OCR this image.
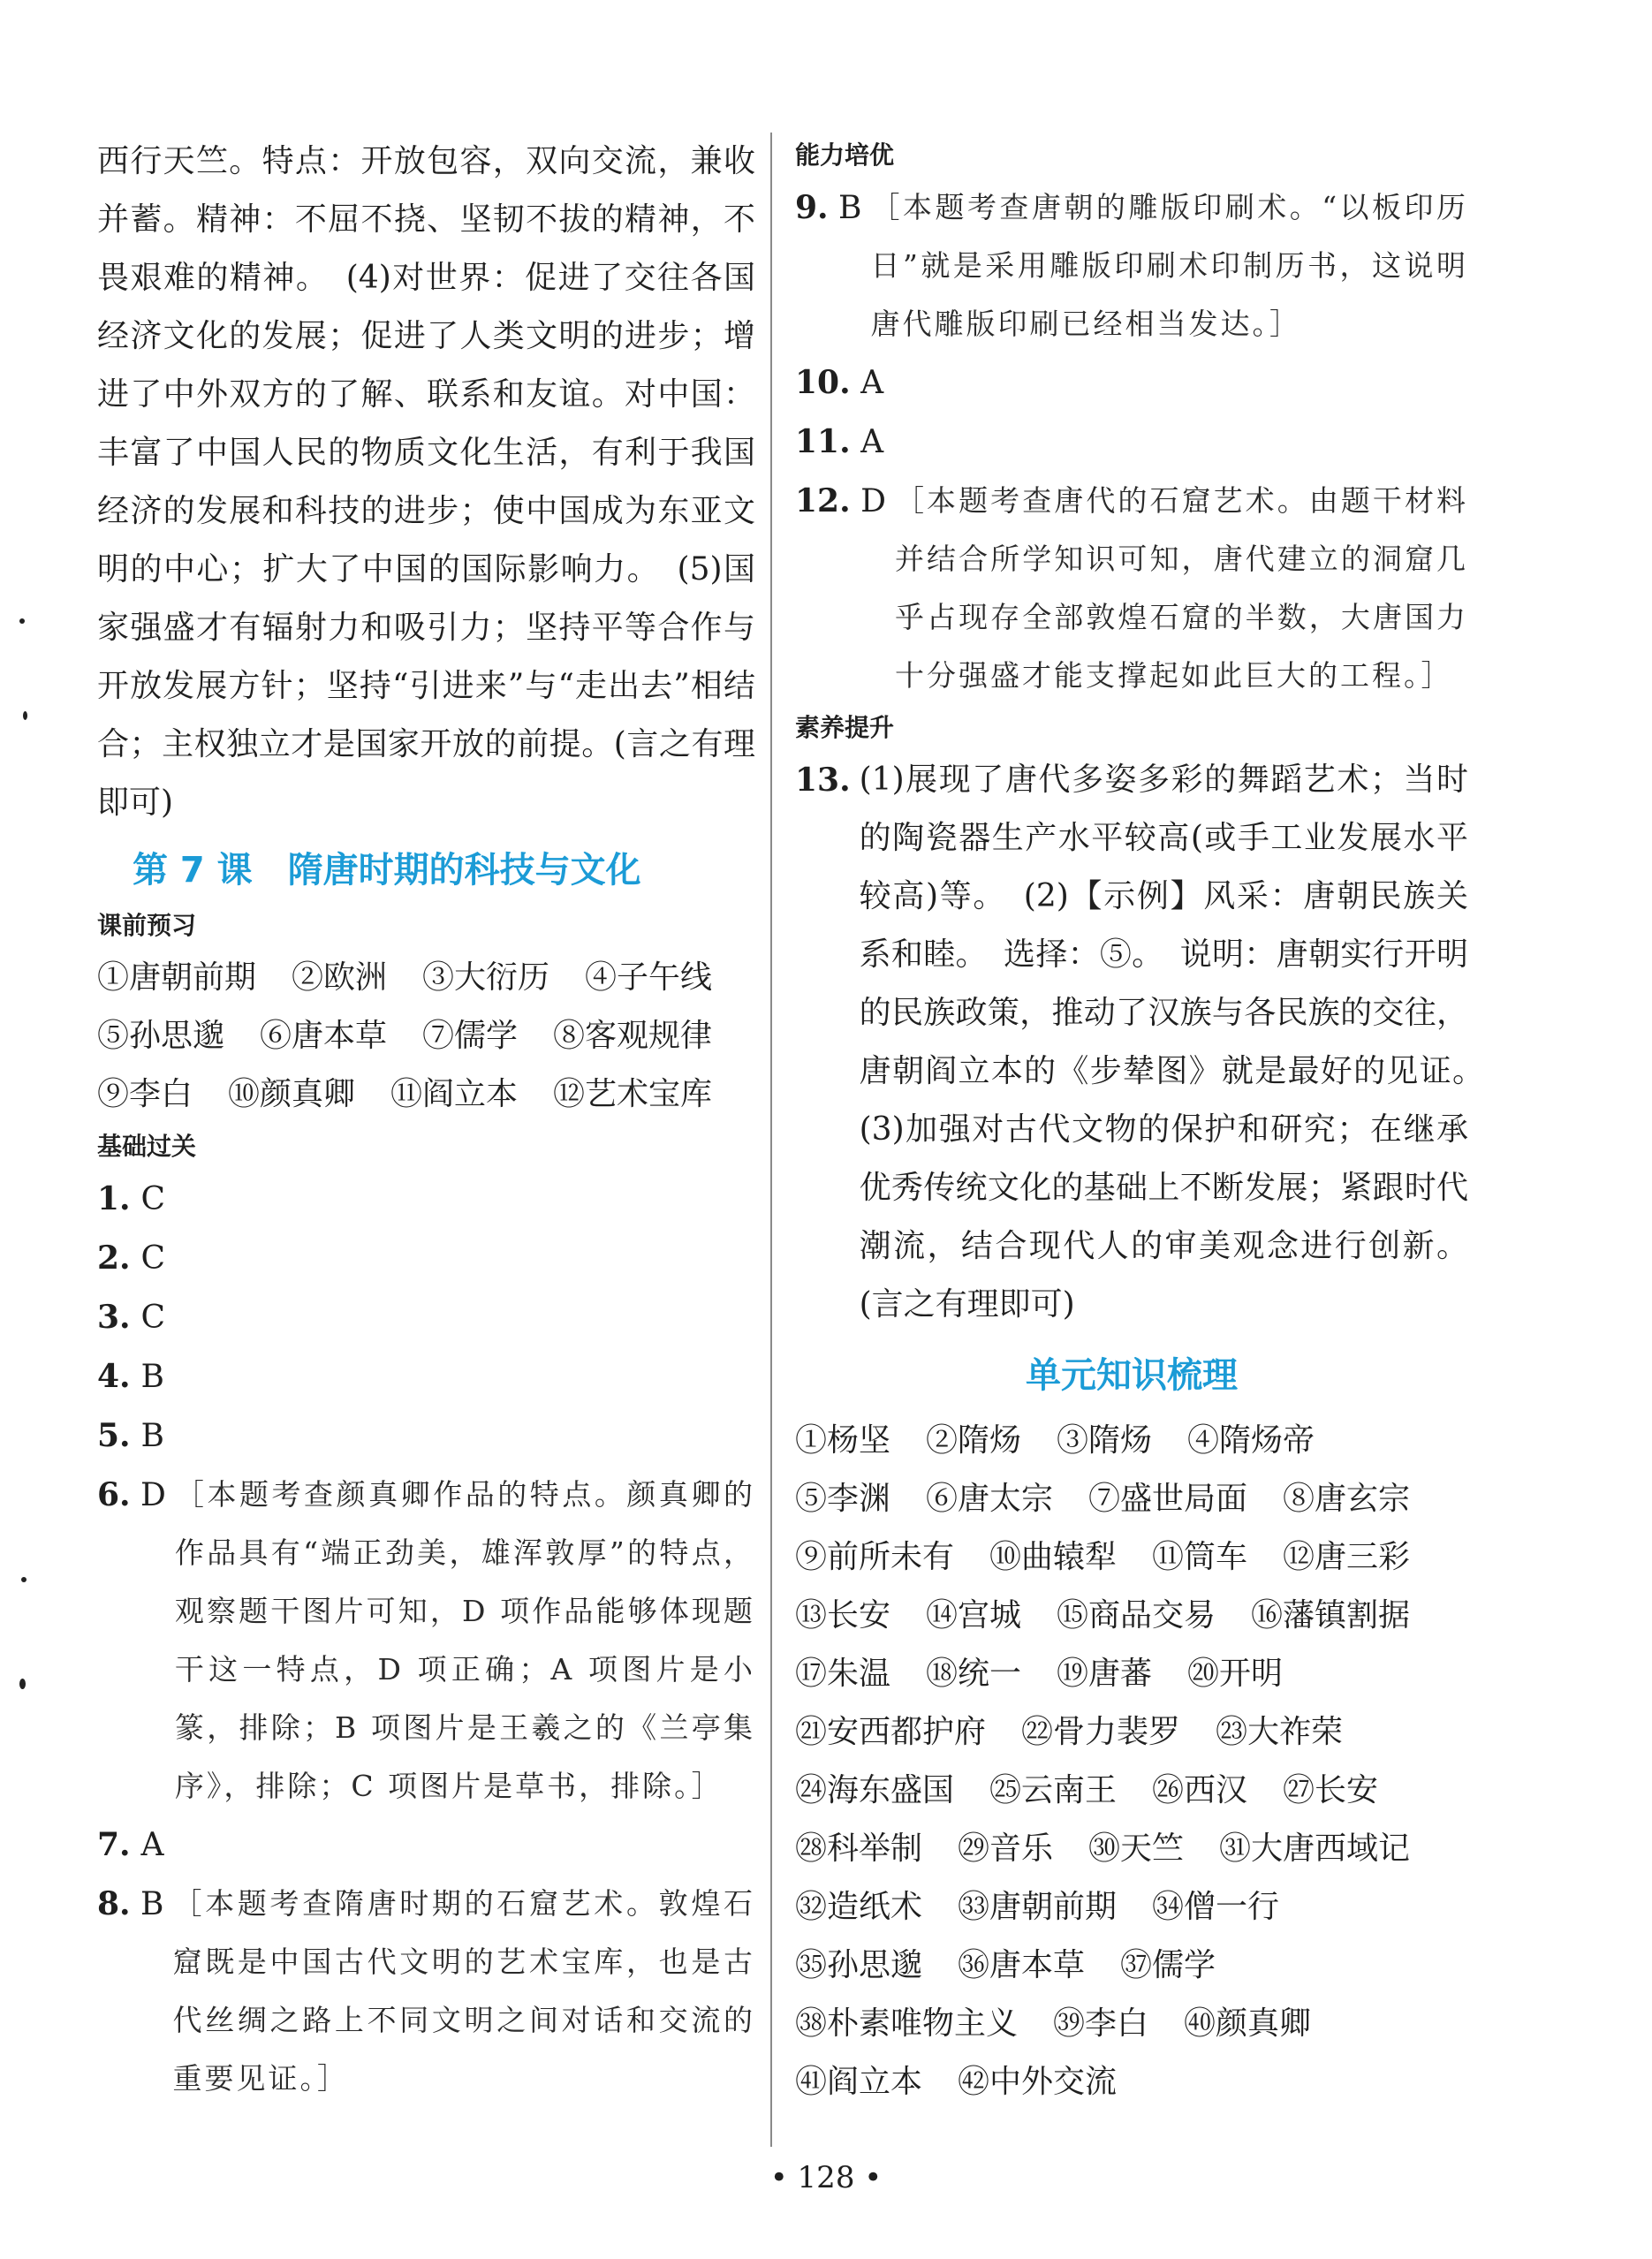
西行天竺。特点：开放包容，双向交流，兼收并蓄。精神：不屈不挠、坚韧不拔的精神，不畏艰难的精神。　(4)对世界：促进了交往各国经济文化的发展；促进了人类文明的进步；增进了中外双方的了解、联系和友谊。对中国：丰富了中国人民的物质文化生活，有利于我国经济的发展和科技的进步；使中国成为东亚文明的中心；扩大了中国的国际影响力。　(5)国家强盛才有辐射力和吸引力；坚持平等合作与开放发展方针；坚持“引进来”与“走出去”相结合；主权独立才是国家开放的前提。(言之有理即可)

第 7 课 隋唐时期的科技与文化

课前预习

①唐朝前期 ②欧洲 ③大衍历 ④子午线
⑤孙思邈 ⑥唐本草 ⑦儒学 ⑧客观规律
⑨李白 ⑩颜真卿 ⑪阎立本 ⑫艺术宝库

基础过关

1. C

2. C

3. C

4. B

5. B

6. D ［本题考查颜真卿作品的特点。颜真卿的作品具有“端正劲美，雄浑敦厚”的特点，观察题干图片可知，D 项作品能够体现题干这一特点，D 项正确；A 项图片是小篆，排除；B 项图片是王羲之的《兰亭集序》，排除；C 项图片是草书，排除。］

7. A

8. B ［本题考查隋唐时期的石窟艺术。敦煌石窟既是中国古代文明的艺术宝库，也是古代丝绸之路上不同文明之间对话和交流的重要见证。］

能力培优

9. B ［本题考查唐朝的雕版印刷术。“以板印历日”就是采用雕版印刷术印制历书，这说明唐代雕版印刷已经相当发达。］

10. A

11. A

12. D ［本题考查唐代的石窟艺术。由题干材料并结合所学知识可知，唐代建立的洞窟几乎占现存全部敦煌石窟的半数，大唐国力十分强盛才能支撑起如此巨大的工程。］

素养提升

13. (1)展现了唐代多姿多彩的舞蹈艺术；当时的陶瓷器生产水平较高(或手工业发展水平较高)等。　(2)【示例】风采：唐朝民族关系和睦。　选择：⑤。　说明：唐朝实行开明的民族政策，推动了汉族与各民族的交往，唐朝阎立本的《步辇图》就是最好的见证。　(3)加强对古代文物的保护和研究；在继承优秀传统文化的基础上不断发展；紧跟时代潮流，结合现代人的审美观念进行创新。(言之有理即可)
单元知识梳理
①杨坚 ②隋炀 ③隋炀 ④隋炀帝
⑤李渊 ⑥唐太宗 ⑦盛世局面 ⑧唐玄宗
⑨前所未有 ⑩曲辕犁 ⑪筒车 ⑫唐三彩
⑬长安 ⑭宫城 ⑮商品交易 ⑯藩镇割据
⑰朱温 ⑱统一 ⑲唐蕃 ⑳开明
㉑安西都护府 ㉒骨力裴罗 ㉓大祚荣
㉔海东盛国 ㉕云南王 ㉖西汉 ㉗长安
㉘科举制 ㉙音乐 ㉚天竺 ㉛大唐西域记
㉜造纸术 ㉝唐朝前期 ㉞僧一行
㉟孙思邈 ㊱唐本草 ㊲儒学
㊳朴素唯物主义 ㊴李白 ㊵颜真卿
㊶阎立本 ㊷中外交流
• 128 •
